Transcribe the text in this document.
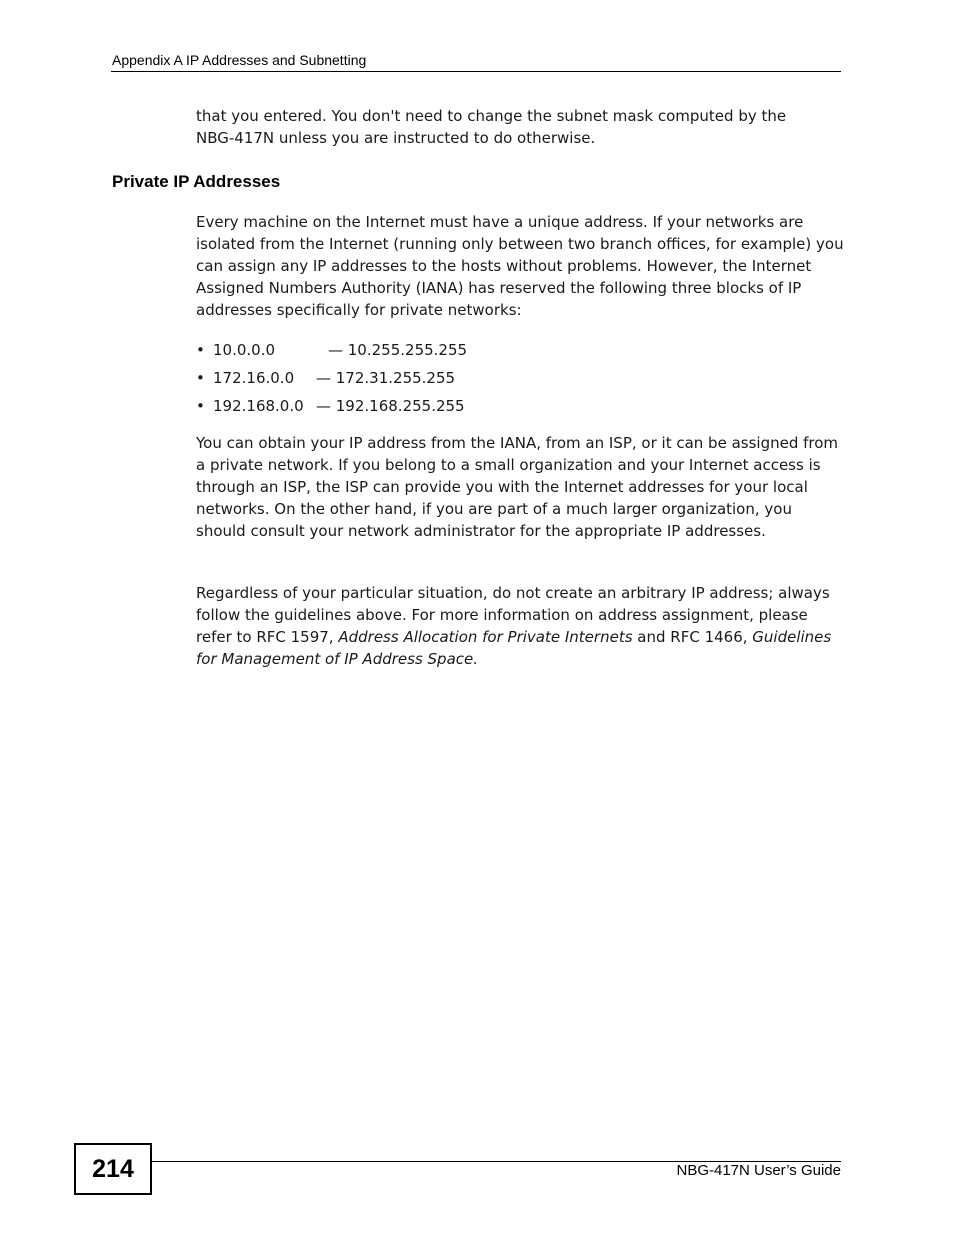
Appendix A IP Addresses and Subnetting

that you entered. You don't need to change the subnet mask computed by the
NBG-417N unless you are instructed to do otherwise.

Private IP Addresses

Every machine on the Internet must have a unique address. If your networks are isolated from the Internet (running only between two branch offices, for example) you can assign any IP addresses to the hosts without problems. However, the Internet Assigned Numbers Authority (IANA) has reserved the following three blocks of IP addresses specifically for private networks:

• 10.0.0.0	— 10.255.255.255
• 172.16.0.0	— 172.31.255.255
• 192.168.0.0 — 192.168.255.255

You can obtain your IP address from the IANA, from an ISP, or it can be assigned from a private network. If you belong to a small organization and your Internet access is through an ISP, the ISP can provide you with the Internet addresses for your local networks. On the other hand, if you are part of a much larger organization, you should consult your network administrator for the appropriate IP addresses.

Regardless of your particular situation, do not create an arbitrary IP address; always follow the guidelines above. For more information on address assignment, please refer to RFC 1597, Address Allocation for Private Internets and RFC 1466, Guidelines for Management of IP Address Space.

214	NBG-417N User’s Guide
